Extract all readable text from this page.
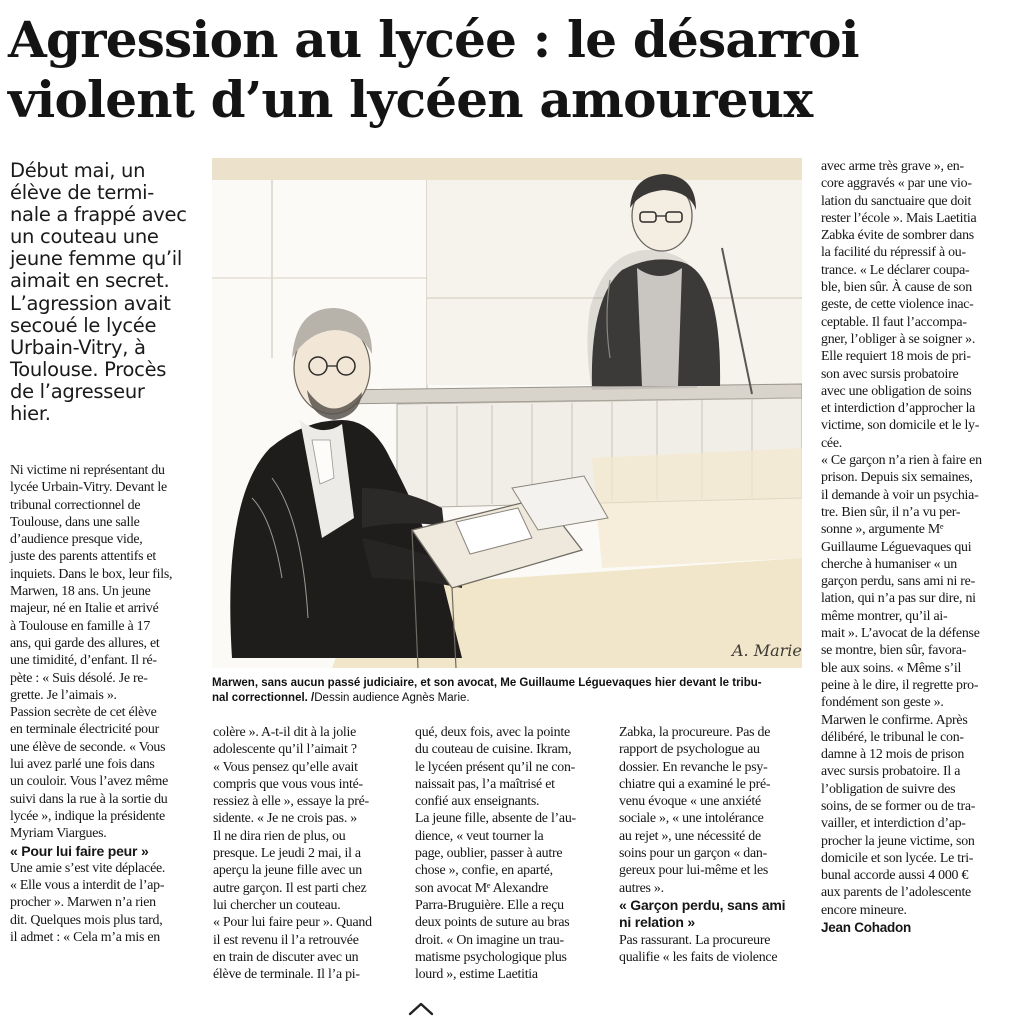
Agression au lycée : le désarroi
violent d’un lycéen amoureux
Début mai, un
élève de termi-
nale a frappé avec
un couteau une
jeune femme qu’il
aimait en secret.
L’agression avait
secoué le lycée
Urbain-Vitry, à
Toulouse. Procès
de l’agresseur
hier.
A. Marie
Marwen, sans aucun passé judiciaire, et son avocat, Me Guillaume Léguevaques hier devant le tribu-
nal correctionnel. /Dessin audience Agnès Marie.
Ni victime ni représentant du
lycée Urbain-Vitry. Devant le
tribunal correctionnel de
Toulouse, dans une salle
d’audience presque vide,
juste des parents attentifs et
inquiets. Dans le box, leur fils,
Marwen, 18 ans. Un jeune
majeur, né en Italie et arrivé
à Toulouse en famille à 17
ans, qui garde des allures, et
une timidité, d’enfant. Il ré-
pète : « Suis désolé. Je re-
grette. Je l’aimais ».
Passion secrète de cet élève
en terminale électricité pour
une élève de seconde. « Vous
lui avez parlé une fois dans
un couloir. Vous l’avez même
suivi dans la rue à la sortie du
lycée », indique la présidente
Myriam Viargues.
« Pour lui faire peur »
Une amie s’est vite déplacée.
« Elle vous a interdit de l’ap-
procher ». Marwen n’a rien
dit. Quelques mois plus tard,
il admet : « Cela m’a mis en
colère ». A-t-il dit à la jolie
adolescente qu’il l’aimait ?
« Vous pensez qu’elle avait
compris que vous vous inté-
ressiez à elle », essaye la pré-
sidente. « Je ne crois pas. »
Il ne dira rien de plus, ou
presque. Le jeudi 2 mai, il a
aperçu la jeune fille avec un
autre garçon. Il est parti chez
lui chercher un couteau.
« Pour lui faire peur ». Quand
il est revenu il l’a retrouvée
en train de discuter avec un
élève de terminale. Il l’a pi-
qué, deux fois, avec la pointe
du couteau de cuisine. Ikram,
le lycéen présent qu’il ne con-
naissait pas, l’a maîtrisé et
confié aux enseignants.
La jeune fille, absente de l’au-
dience, « veut tourner la
page, oublier, passer à autre
chose », confie, en aparté,
son avocat Mᵉ Alexandre
Parra-Bruguière. Elle a reçu
deux points de suture au bras
droit. « On imagine un trau-
matisme psychologique plus
lourd », estime Laetitia
Zabka, la procureure. Pas de
rapport de psychologue au
dossier. En revanche le psy-
chiatre qui a examiné le pré-
venu évoque « une anxiété
sociale », « une intolérance
au rejet », une nécessité de
soins pour un garçon « dan-
gereux pour lui-même et les
autres ».
« Garçon perdu, sans ami
ni relation »
Pas rassurant. La procureure
qualifie « les faits de violence
avec arme très grave », en-
core aggravés « par une vio-
lation du sanctuaire que doit
rester l’école ». Mais Laetitia
Zabka évite de sombrer dans
la facilité du répressif à ou-
trance. « Le déclarer coupa-
ble, bien sûr. À cause de son
geste, de cette violence inac-
ceptable. Il faut l’accompa-
gner, l’obliger à se soigner ».
Elle requiert 18 mois de pri-
son avec sursis probatoire
avec une obligation de soins
et interdiction d’approcher la
victime, son domicile et le ly-
cée.
« Ce garçon n’a rien à faire en
prison. Depuis six semaines,
il demande à voir un psychia-
tre. Bien sûr, il n’a vu per-
sonne », argumente Mᵉ
Guillaume Léguevaques qui
cherche à humaniser « un
garçon perdu, sans ami ni re-
lation, qui n’a pas sur dire, ni
même montrer, qu’il ai-
mait ». L’avocat de la défense
se montre, bien sûr, favora-
ble aux soins. « Même s’il
peine à le dire, il regrette pro-
fondément son geste ».
Marwen le confirme. Après
délibéré, le tribunal le con-
damne à 12 mois de prison
avec sursis probatoire. Il a
l’obligation de suivre des
soins, de se former ou de tra-
vailler, et interdiction d’ap-
procher la jeune victime, son
domicile et son lycée. Le tri-
bunal accorde aussi 4 000 €
aux parents de l’adolescente
encore mineure.
Jean Cohadon
